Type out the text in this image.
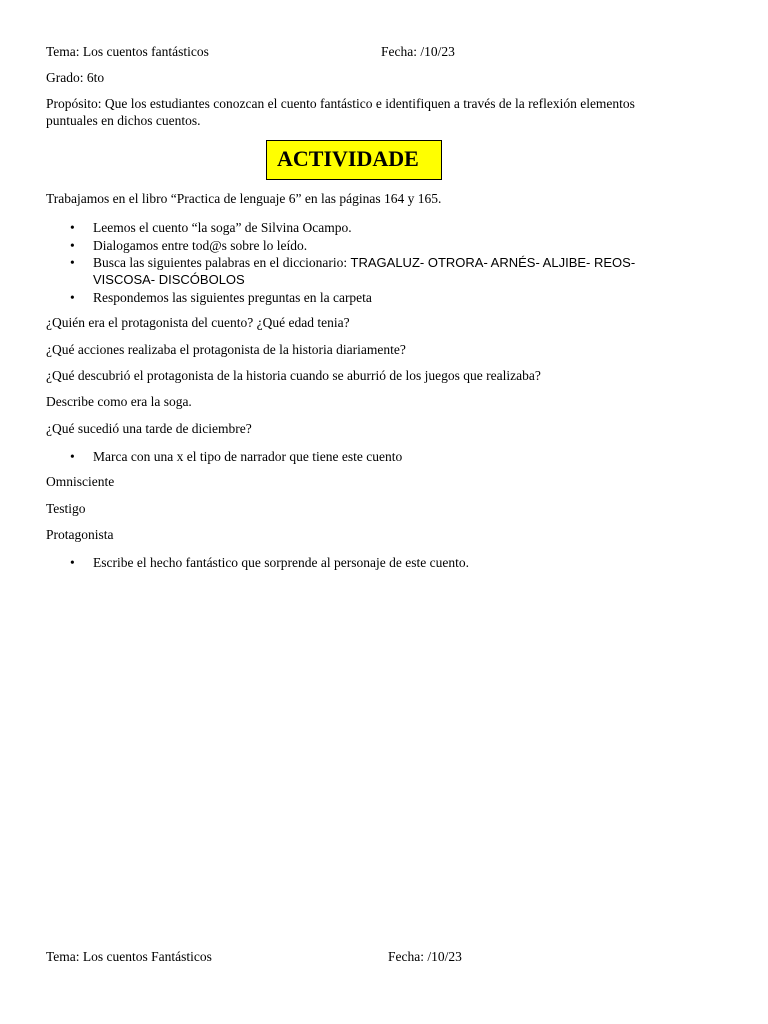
Tema: Los cuentos fantásticos	Fecha: /10/23
Grado: 6to
Propósito: Que los estudiantes conozcan el cuento fantástico e identifiquen a través de la reflexión elementos
puntuales en dichos cuentos.
ACTIVIDADE
Trabajamos en el libro “Practica de lenguaje 6” en las páginas 164 y 165.
•	Leemos el cuento “la soga” de Silvina Ocampo.
•	Dialogamos entre tod@s sobre lo leído.
•	Busca las siguientes palabras en el diccionario: TRAGALUZ- OTRORA- ARNÉS- ALJIBE- REOS-
VISCOSA- DISCÓBOLOS
•	Respondemos las siguientes preguntas en la carpeta
¿Quién era el protagonista del cuento? ¿Qué edad tenia?
¿Qué acciones realizaba el protagonista de la historia diariamente?
¿Qué descubrió el protagonista de la historia cuando se aburrió de los juegos que realizaba?
Describe como era la soga.
¿Qué sucedió una tarde de diciembre?
•	Marca con una x el tipo de narrador que tiene este cuento
Omnisciente
Testigo
Protagonista
•	Escribe el hecho fantástico que sorprende al personaje de este cuento.
Tema: Los cuentos Fantásticos	Fecha: /10/23
